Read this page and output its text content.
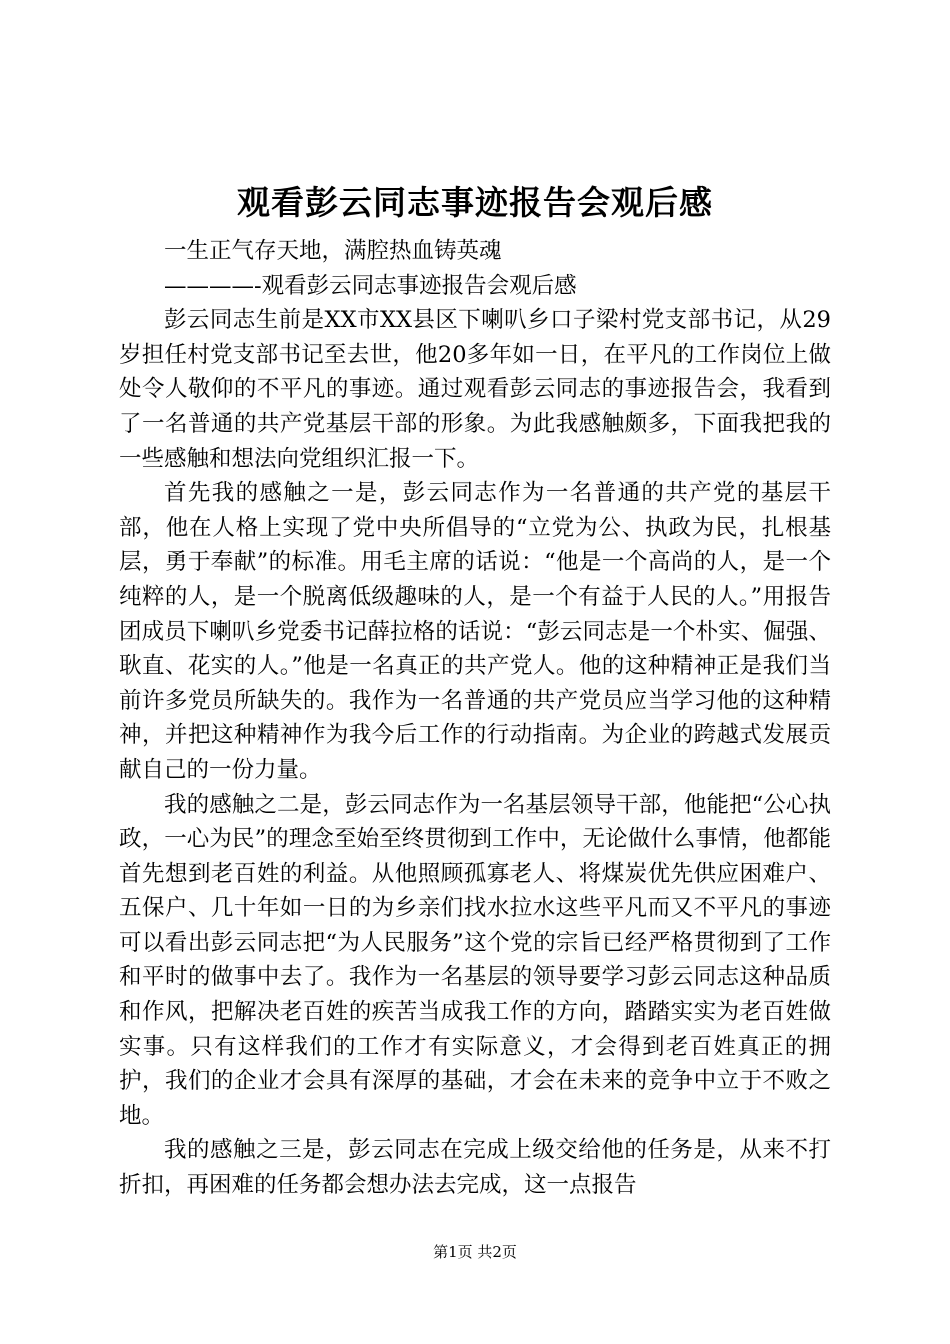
观看彭云同志事迹报告会观后感

一生正气存天地，满腔热血铸英魂

————-观看彭云同志事迹报告会观后感

彭云同志生前是XX市XX县区下喇叭乡口子梁村党支部书记，从29岁担任村党支部书记至去世，他20多年如一日，在平凡的工作岗位上做处令人敬仰的不平凡的事迹。通过观看彭云同志的事迹报告会，我看到了一名普通的共产党基层干部的形象。为此我感触颇多，下面我把我的一些感触和想法向党组织汇报一下。

首先我的感触之一是，彭云同志作为一名普通的共产党的基层干部，他在人格上实现了党中央所倡导的“立党为公、执政为民，扎根基层，勇于奉献”的标准。用毛主席的话说：“他是一个高尚的人，是一个纯粹的人，是一个脱离低级趣味的人，是一个有益于人民的人。”用报告团成员下喇叭乡党委书记薛拉格的话说：“彭云同志是一个朴实、倔强、耿直、花实的人。”他是一名真正的共产党人。他的这种精神正是我们当前许多党员所缺失的。我作为一名普通的共产党员应当学习他的这种精神，并把这种精神作为我今后工作的行动指南。为企业的跨越式发展贡献自己的一份力量。

我的感触之二是，彭云同志作为一名基层领导干部，他能把“公心执政，一心为民”的理念至始至终贯彻到工作中，无论做什么事情，他都能首先想到老百姓的利益。从他照顾孤寡老人、将煤炭优先供应困难户、五保户、几十年如一日的为乡亲们找水拉水这些平凡而又不平凡的事迹可以看出彭云同志把“为人民服务”这个党的宗旨已经严格贯彻到了工作和平时的做事中去了。我作为一名基层的领导要学习彭云同志这种品质和作风，把解决老百姓的疾苦当成我工作的方向，踏踏实实为老百姓做实事。只有这样我们的工作才有实际意义，才会得到老百姓真正的拥护，我们的企业才会具有深厚的基础，才会在未来的竞争中立于不败之地。

我的感触之三是，彭云同志在完成上级交给他的任务是，从来不打折扣，再困难的任务都会想办法去完成，这一点报告

第1页 共2页
